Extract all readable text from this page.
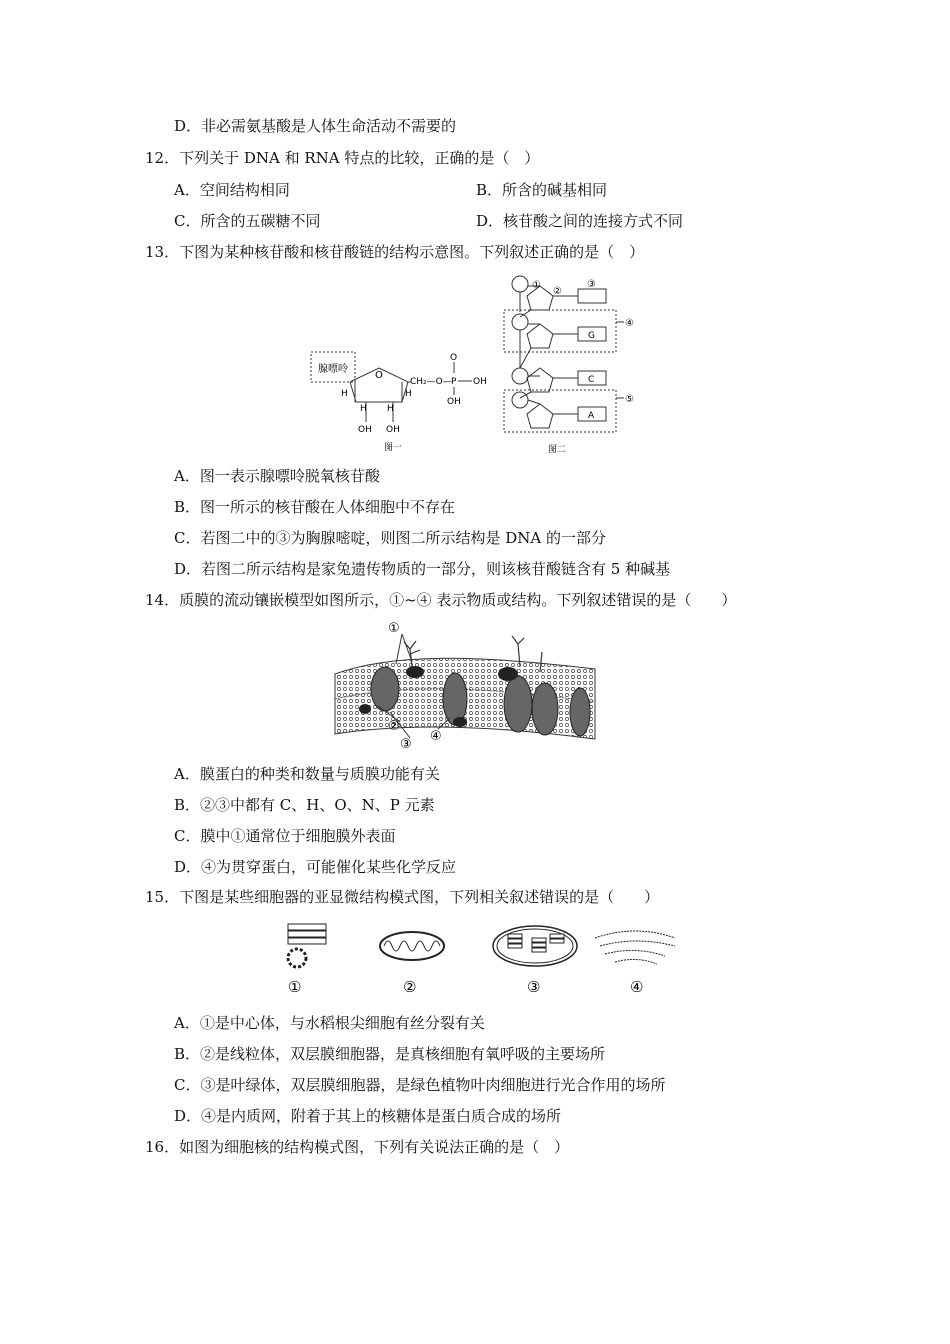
D．非必需氨基酸是人体生命活动不需要的
12．下列关于 DNA 和 RNA 特点的比较，正确的是（　）
A．空间结构相同	B．所含的碱基相同
C．所含的五碳糖不同	D．核苷酸之间的连接方式不同
13．下图为某种核苷酸和核苷酸链的结构示意图。下列叙述正确的是（　）
腺嘌呤
O
H	H
H H
OH OH
CH₂—O— P OH
O
OH
图一
①
②
③
④
⑤
G
C
A
图二
A．图一表示腺嘌呤脱氧核苷酸
B．图一所示的核苷酸在人体细胞中不存在
C．若图二中的③为胸腺嘧啶，则图二所示结构是 DNA 的一部分
D．若图二所示结构是家兔遗传物质的一部分，则该核苷酸链含有 5 种碱基
14．质膜的流动镶嵌模型如图所示，①~④ 表示物质或结构。下列叙述错误的是（　　）
①
②
③
④
A．膜蛋白的种类和数量与质膜功能有关
B．②③中都有 C、H、O、N、P 元素
C．膜中①通常位于细胞膜外表面
D．④为贯穿蛋白，可能催化某些化学反应
15．下图是某些细胞器的亚显微结构模式图，下列相关叙述错误的是（　　）
①	②	③	④
A．①是中心体，与水稻根尖细胞有丝分裂有关
B．②是线粒体，双层膜细胞器，是真核细胞有氧呼吸的主要场所
C．③是叶绿体，双层膜细胞器，是绿色植物叶肉细胞进行光合作用的场所
D．④是内质网，附着于其上的核糖体是蛋白质合成的场所
16．如图为细胞核的结构模式图，下列有关说法正确的是（　）
